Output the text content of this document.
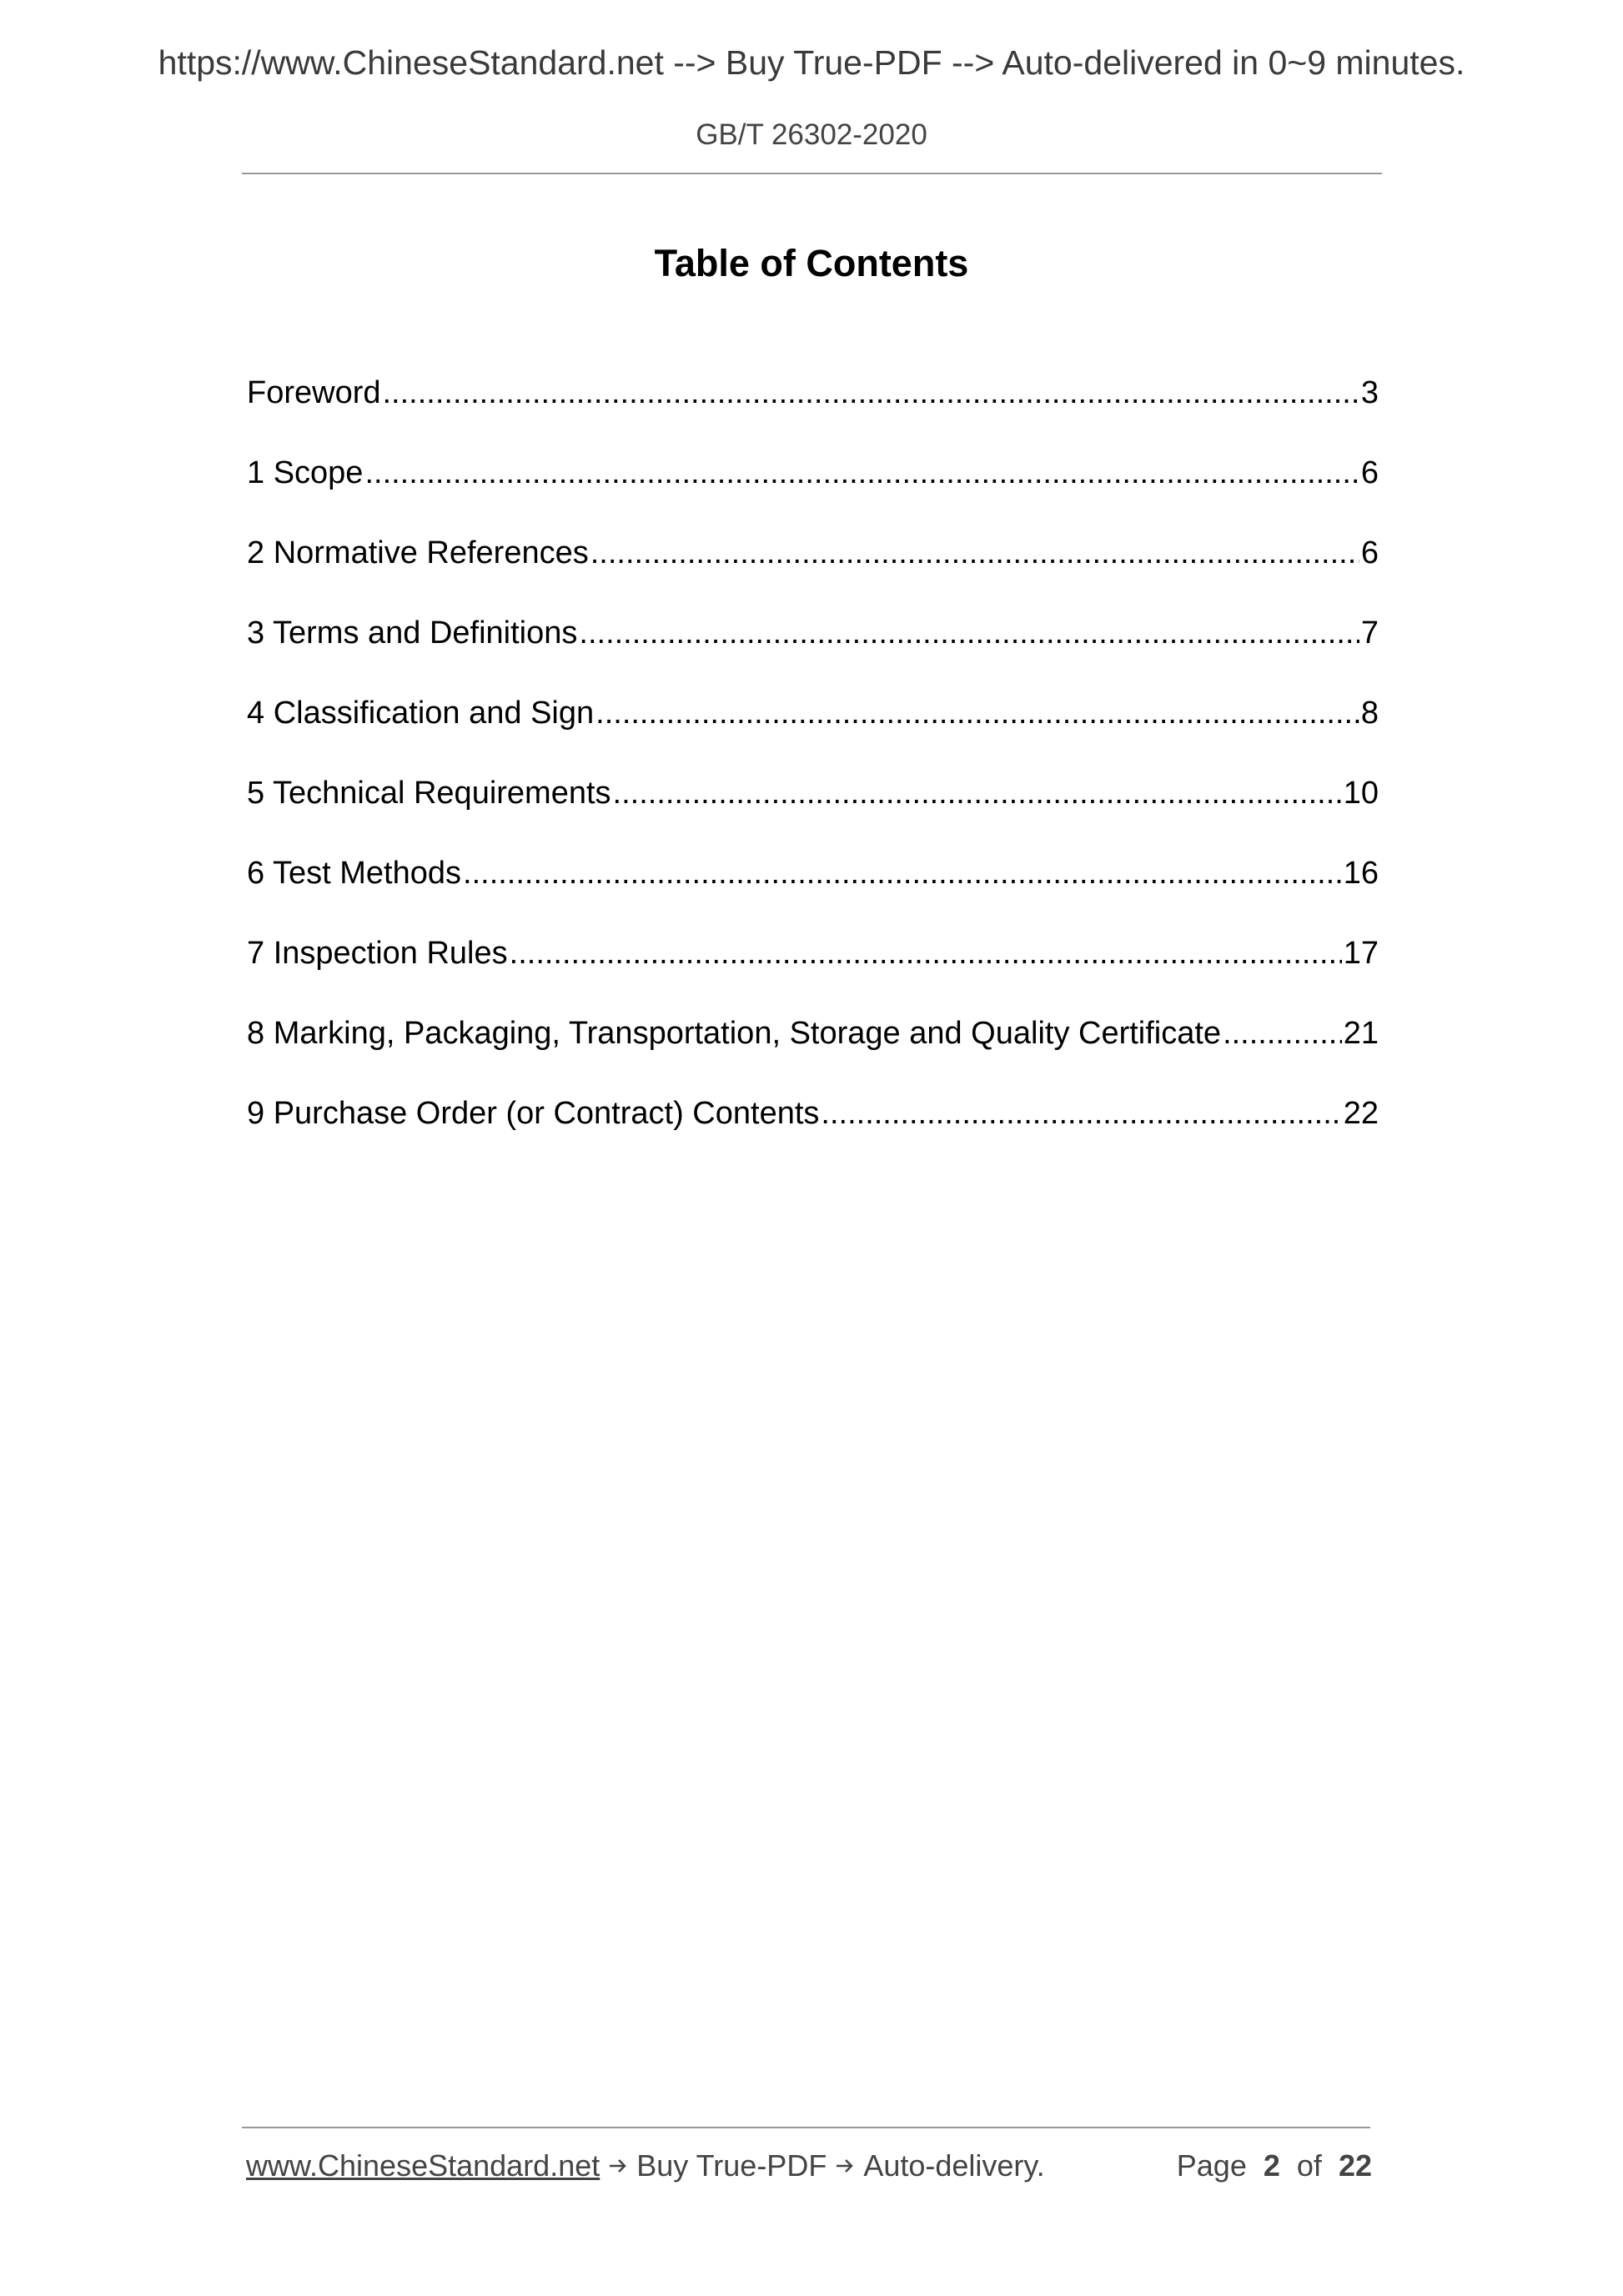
https://www.ChineseStandard.net --> Buy True-PDF --> Auto-delivered in 0~9 minutes.
GB/T 26302-2020
Table of Contents
Foreword .....	3
1 Scope .....	6
2 Normative References .....	6
3 Terms and Definitions .....	7
4 Classification and Sign .....	8
5 Technical Requirements .....	10
6 Test Methods .....	16
7 Inspection Rules .....	17
8 Marking, Packaging, Transportation, Storage and Quality Certificate .....	21
9 Purchase Order (or Contract) Contents .....	22
www.ChineseStandard.net Buy True-PDF Auto-delivery.	Page 2 of 22
